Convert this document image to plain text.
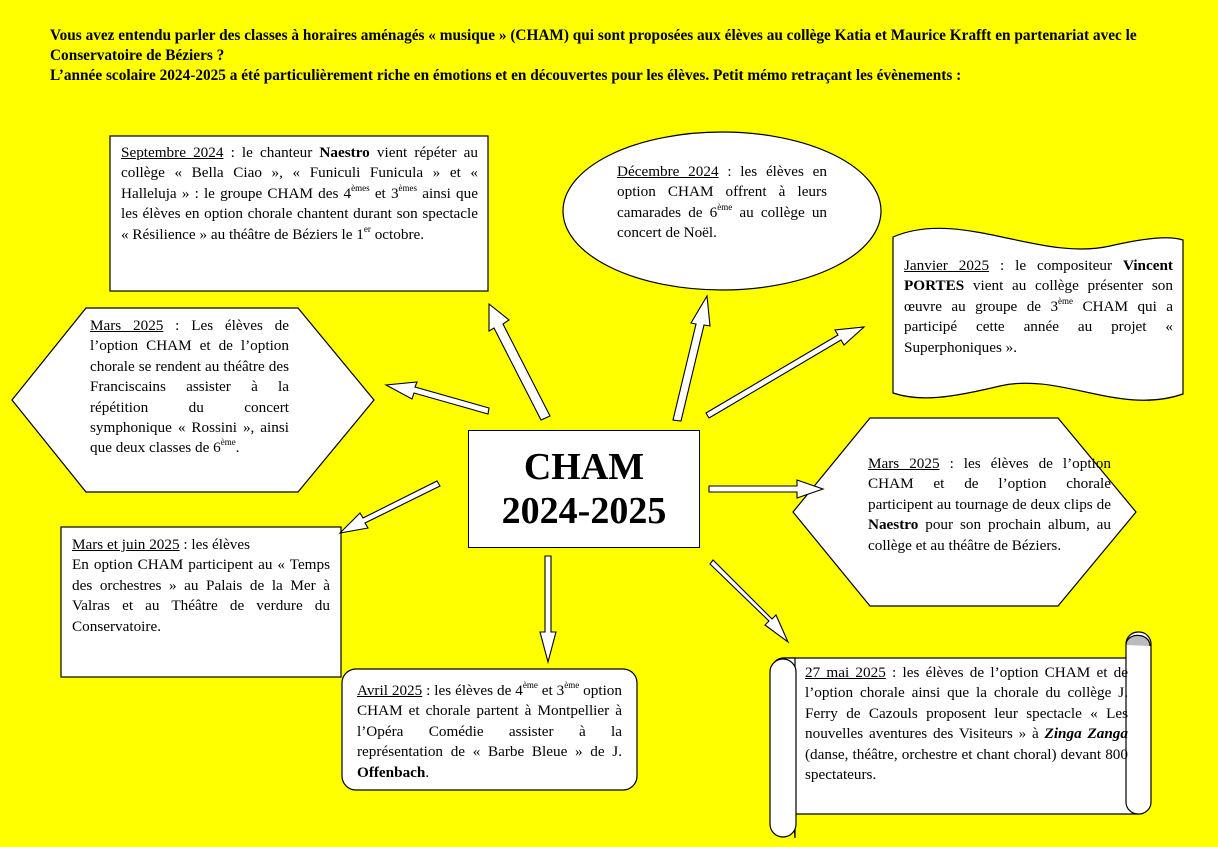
Vous avez entendu parler des classes à horaires aménagés « musique » (CHAM) qui sont proposées aux élèves au collège Katia et Maurice Krafft en partenariat avec le Conservatoire de Béziers ?

L’année scolaire 2024-2025 a été particulièrement riche en émotions et en découvertes pour les élèves. Petit mémo retraçant les évènements :

CHAM
2024-2025
Septembre 2024 : le chanteur Naestro vient répéter au collège « Bella Ciao », « Funiculi Funicula » et « Halleluja » : le groupe CHAM des 4èmes et 3èmes ainsi que les élèves en option chorale chantent durant son spectacle « Résilience » au théâtre de Béziers le 1er octobre.
Décembre 2024 : les élèves en option CHAM offrent à leurs camarades de 6ème au collège un concert de Noël.
Janvier 2025 : le compositeur Vincent PORTES vient au collège présenter son œuvre au groupe de 3ème CHAM qui a participé cette année au projet « Superphoniques ».
Mars 2025 : Les élèves de l’option CHAM et de l’option chorale se rendent au théâtre des Franciscains assister à la répétition du concert symphonique « Rossini », ainsi que deux classes de 6ème.
Mars 2025 : les élèves de l’option CHAM et de l’option chorale participent au tournage de deux clips de Naestro pour son prochain album, au collège et au théâtre de Béziers.
Mars et juin 2025 : les élèves
En option CHAM participent au « Temps des orchestres » au Palais de la Mer à Valras et au Théâtre de verdure du Conservatoire.
Avril 2025 : les élèves de 4ème et 3ème option CHAM et chorale partent à Montpellier à l’Opéra Comédie assister à la représentation de « Barbe Bleue » de J. Offenbach.
27 mai 2025 : les élèves de l’option CHAM et de l’option chorale ainsi que la chorale du collège J. Ferry de Cazouls proposent leur spectacle « Les nouvelles aventures des Visiteurs » à Zinga Zanga (danse, théâtre, orchestre et chant choral) devant 800 spectateurs.
